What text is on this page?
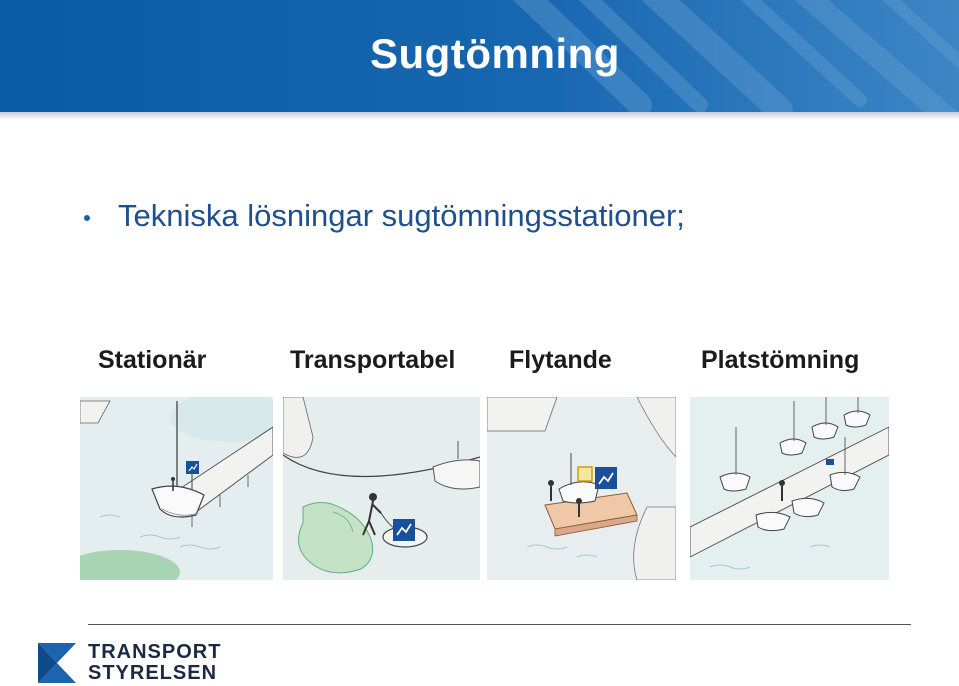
Sugtömning
Tekniska lösningar sugtömningsstationer;
Stationär	Transportabel Flytande	Platstömning
TRANSPORT
STYRELSEN
